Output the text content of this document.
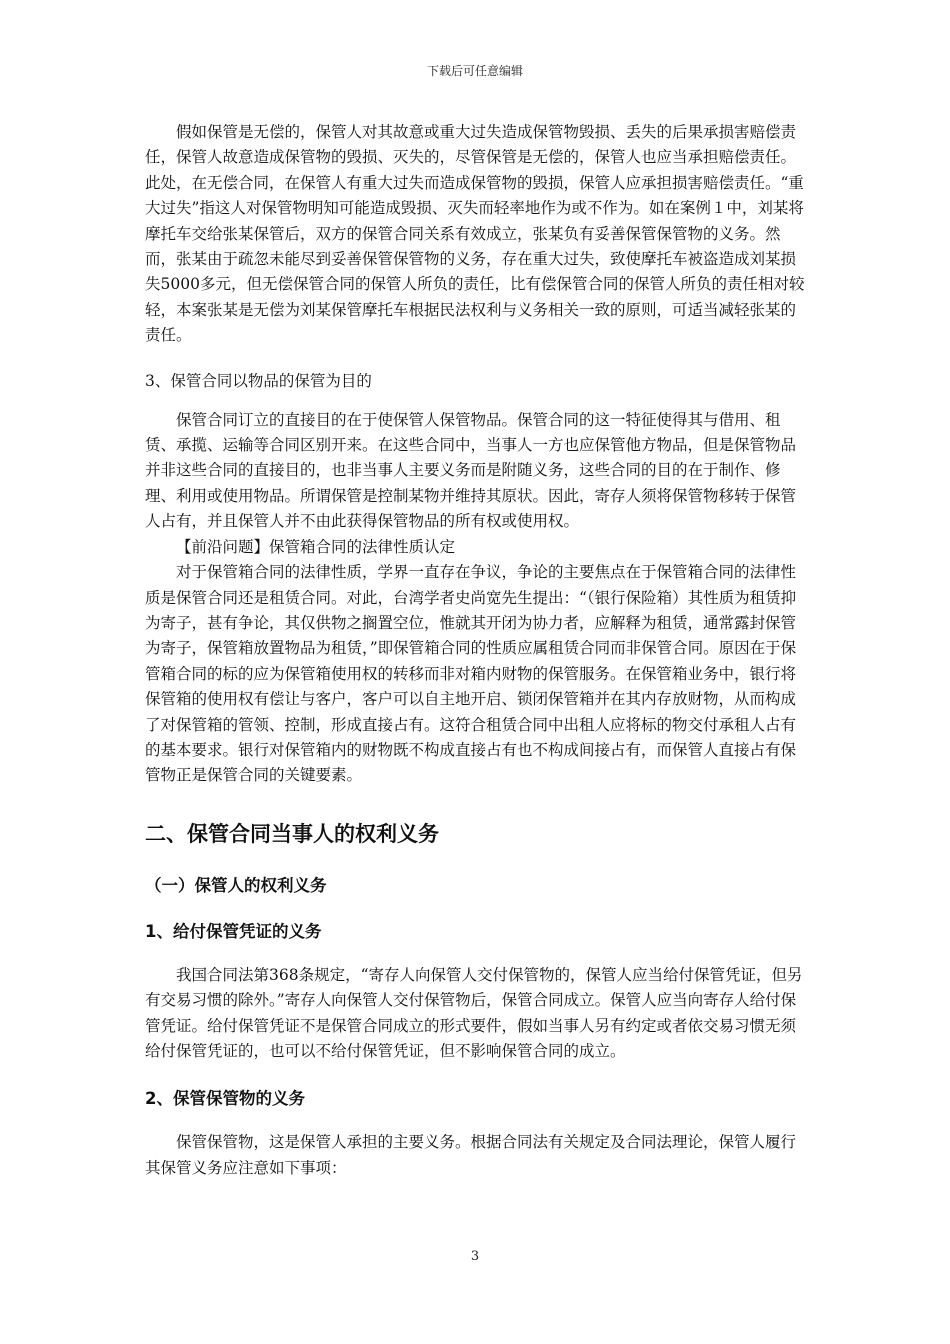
下载后可任意编辑

假如保管是无偿的，保管人对其故意或重大过失造成保管物毁损、丢失的后果承损害赔偿责任，保管人故意造成保管物的毁损、灭失的，尽管保管是无偿的，保管人也应当承担赔偿责任。此处，在无偿合同，在保管人有重大过失而造成保管物的毁损，保管人应承担损害赔偿责任。“重大过失”指这人对保管物明知可能造成毁损、灭失而轻率地作为或不作为。如在案例１中，刘某将摩托车交给张某保管后，双方的保管合同关系有效成立，张某负有妥善保管保管物的义务。然而，张某由于疏忽未能尽到妥善保管保管物的义务，存在重大过失，致使摩托车被盗造成刘某损失5000多元，但无偿保管合同的保管人所负的责任，比有偿保管合同的保管人所负的责任相对较轻，本案张某是无偿为刘某保管摩托车根据民法权利与义务相关一致的原则，可适当减轻张某的责任。

3、保管合同以物品的保管为目的

保管合同订立的直接目的在于使保管人保管物品。保管合同的这一特征使得其与借用、租赁、承揽、运输等合同区别开来。在这些合同中，当事人一方也应保管他方物品，但是保管物品并非这些合同的直接目的，也非当事人主要义务而是附随义务，这些合同的目的在于制作、修理、利用或使用物品。所谓保管是控制某物并维持其原状。因此，寄存人须将保管物移转于保管人占有，并且保管人并不由此获得保管物品的所有权或使用权。

【前沿问题】保管箱合同的法律性质认定

对于保管箱合同的法律性质，学界一直存在争议，争论的主要焦点在于保管箱合同的法律性质是保管合同还是租赁合同。对此，台湾学者史尚宽先生提出：“（银行保险箱）其性质为租赁抑为寄子，甚有争论，其仅供物之搁置空位，惟就其开闭为协力者，应解释为租赁，通常露封保管为寄子，保管箱放置物品为租赁，”即保管箱合同的性质应属租赁合同而非保管合同。原因在于保管箱合同的标的应为保管箱使用权的转移而非对箱内财物的保管服务。在保管箱业务中，银行将保管箱的使用权有偿让与客户，客户可以自主地开启、锁闭保管箱并在其内存放财物，从而构成了对保管箱的管领、控制，形成直接占有。这符合租赁合同中出租人应将标的物交付承租人占有的基本要求。银行对保管箱内的财物既不构成直接占有也不构成间接占有，而保管人直接占有保管物正是保管合同的关键要素。

二、保管合同当事人的权利义务
（一）保管人的权利义务
1、给付保管凭证的义务

我国合同法第368条规定，“寄存人向保管人交付保管物的，保管人应当给付保管凭证，但另有交易习惯的除外。”寄存人向保管人交付保管物后，保管合同成立。保管人应当向寄存人给付保管凭证。给付保管凭证不是保管合同成立的形式要件，假如当事人另有约定或者依交易习惯无须给付保管凭证的，也可以不给付保管凭证，但不影响保管合同的成立。

2、保管保管物的义务

保管保管物，这是保管人承担的主要义务。根据合同法有关规定及合同法理论，保管人履行其保管义务应注意如下事项：

3
